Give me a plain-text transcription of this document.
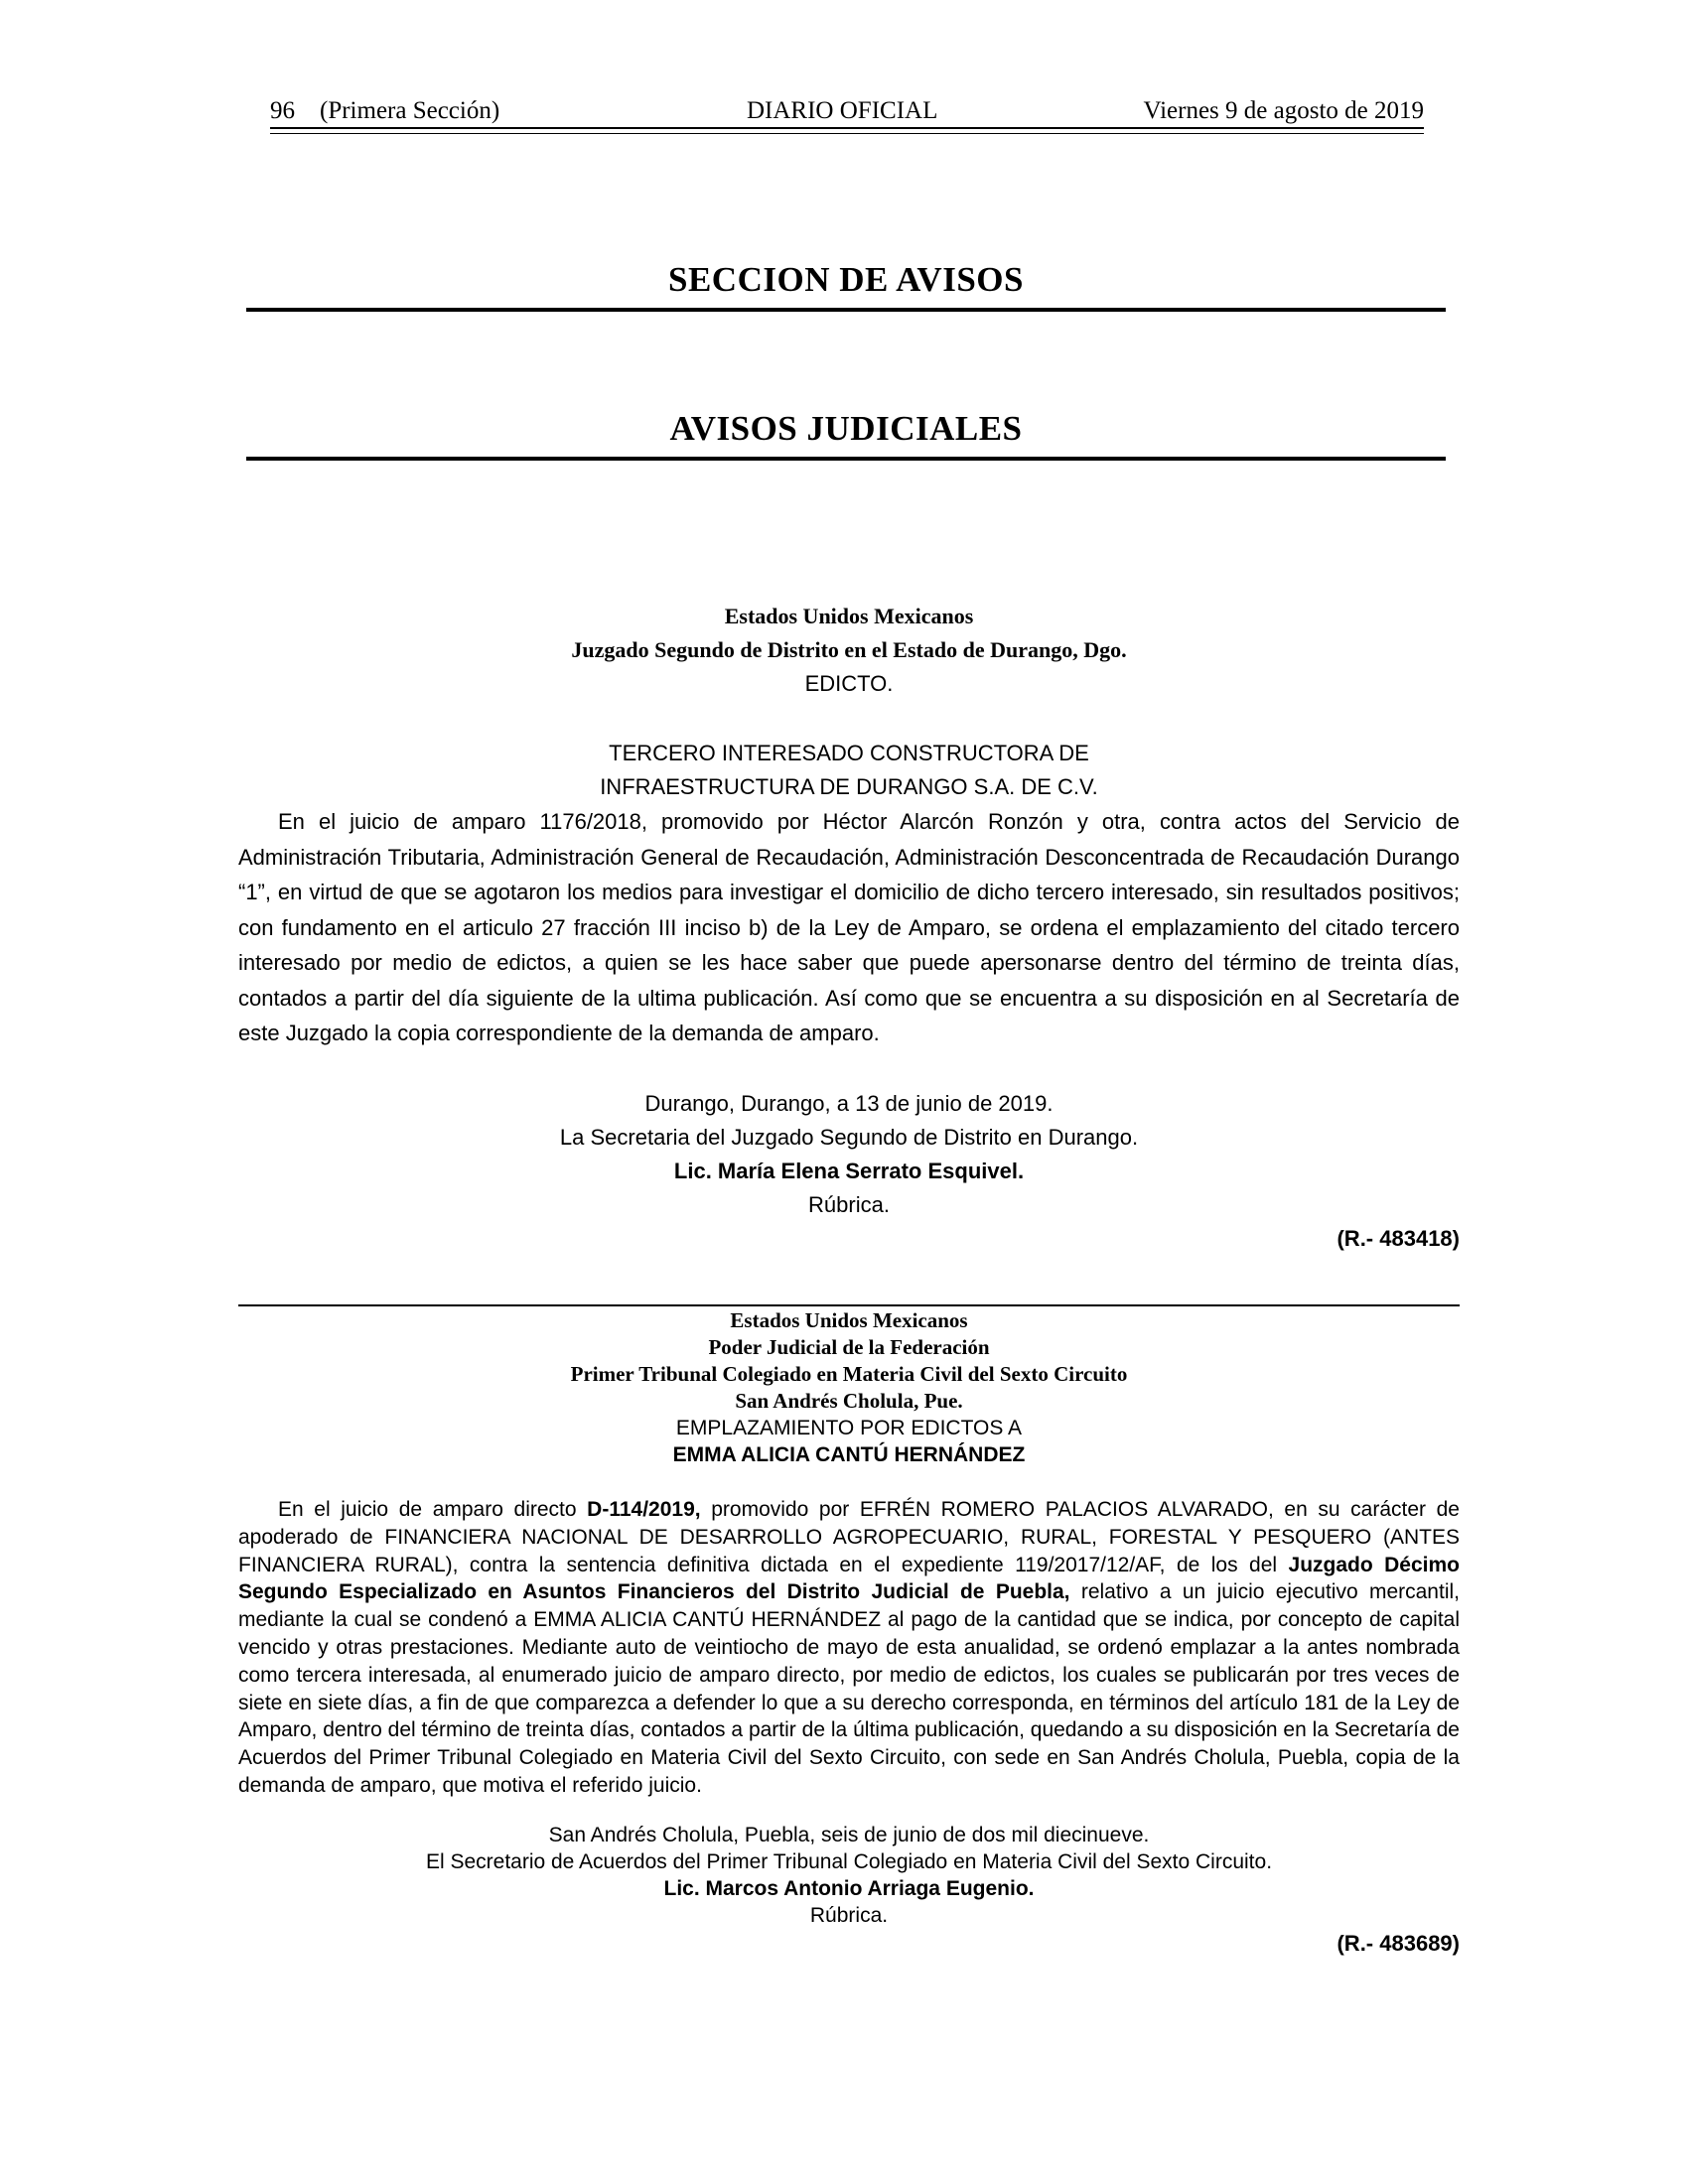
96 (Primera Sección)	DIARIO OFICIAL	Viernes 9 de agosto de 2019
SECCION DE AVISOS
AVISOS JUDICIALES
Estados Unidos Mexicanos
Juzgado Segundo de Distrito en el Estado de Durango, Dgo.
EDICTO.
TERCERO INTERESADO CONSTRUCTORA DE
INFRAESTRUCTURA DE DURANGO S.A. DE C.V.

En el juicio de amparo 1176/2018, promovido por Héctor Alarcón Ronzón y otra, contra actos del Servicio de Administración Tributaria, Administración General de Recaudación, Administración Desconcentrada de Recaudación Durango “1”, en virtud de que se agotaron los medios para investigar el domicilio de dicho tercero interesado, sin resultados positivos; con fundamento en el articulo 27 fracción III inciso b) de la Ley de Amparo, se ordena el emplazamiento del citado tercero interesado por medio de edictos, a quien se les hace saber que puede apersonarse dentro del término de treinta días, contados a partir del día siguiente de la ultima publicación. Así como que se encuentra a su disposición en al Secretaría de este Juzgado la copia correspondiente de la demanda de amparo.

Durango, Durango, a 13 de junio de 2019.
La Secretaria del Juzgado Segundo de Distrito en Durango.
Lic. María Elena Serrato Esquivel.
Rúbrica.
(R.- 483418)
Estados Unidos Mexicanos
Poder Judicial de la Federación
Primer Tribunal Colegiado en Materia Civil del Sexto Circuito
San Andrés Cholula, Pue.
EMPLAZAMIENTO POR EDICTOS A
EMMA ALICIA CANTÚ HERNÁNDEZ

En el juicio de amparo directo D-114/2019, promovido por EFRÉN ROMERO PALACIOS ALVARADO, en su carácter de apoderado de FINANCIERA NACIONAL DE DESARROLLO AGROPECUARIO, RURAL, FORESTAL Y PESQUERO (ANTES FINANCIERA RURAL), contra la sentencia definitiva dictada en el expediente 119/2017/12/AF, de los del Juzgado Décimo Segundo Especializado en Asuntos Financieros del Distrito Judicial de Puebla, relativo a un juicio ejecutivo mercantil, mediante la cual se condenó a EMMA ALICIA CANTÚ HERNÁNDEZ al pago de la cantidad que se indica, por concepto de capital vencido y otras prestaciones. Mediante auto de veintiocho de mayo de esta anualidad, se ordenó emplazar a la antes nombrada como tercera interesada, al enumerado juicio de amparo directo, por medio de edictos, los cuales se publicarán por tres veces de siete en siete días, a fin de que comparezca a defender lo que a su derecho corresponda, en términos del artículo 181 de la Ley de Amparo, dentro del término de treinta días, contados a partir de la última publicación, quedando a su disposición en la Secretaría de Acuerdos del Primer Tribunal Colegiado en Materia Civil del Sexto Circuito, con sede en San Andrés Cholula, Puebla, copia de la demanda de amparo, que motiva el referido juicio.

San Andrés Cholula, Puebla, seis de junio de dos mil diecinueve.
El Secretario de Acuerdos del Primer Tribunal Colegiado en Materia Civil del Sexto Circuito.
Lic. Marcos Antonio Arriaga Eugenio.
Rúbrica.
(R.- 483689)
